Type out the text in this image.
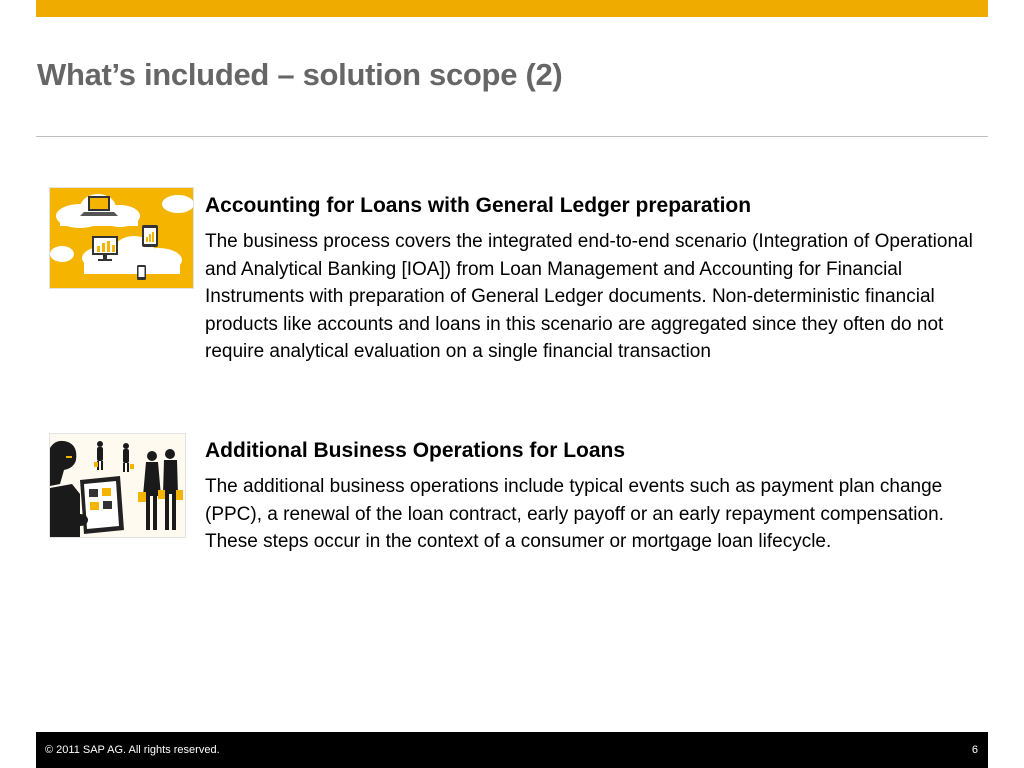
What’s included – solution scope (2)
Accounting for Loans with General Ledger preparation

The business process covers the integrated end-to-end scenario (Integration of Operational and Analytical Banking [IOA]) from Loan Management and Accounting for Financial Instruments with preparation of General Ledger documents. Non-deterministic financial products like accounts and loans in this scenario are aggregated since they often do not require analytical evaluation on a single financial transaction

Additional Business Operations for Loans

The additional business operations include typical events such as payment plan change (PPC), a renewal of the loan contract, early payoff or an early repayment compensation. These steps occur in the context of a consumer or mortgage loan lifecycle.

© 2011 SAP AG. All rights reserved.	6
